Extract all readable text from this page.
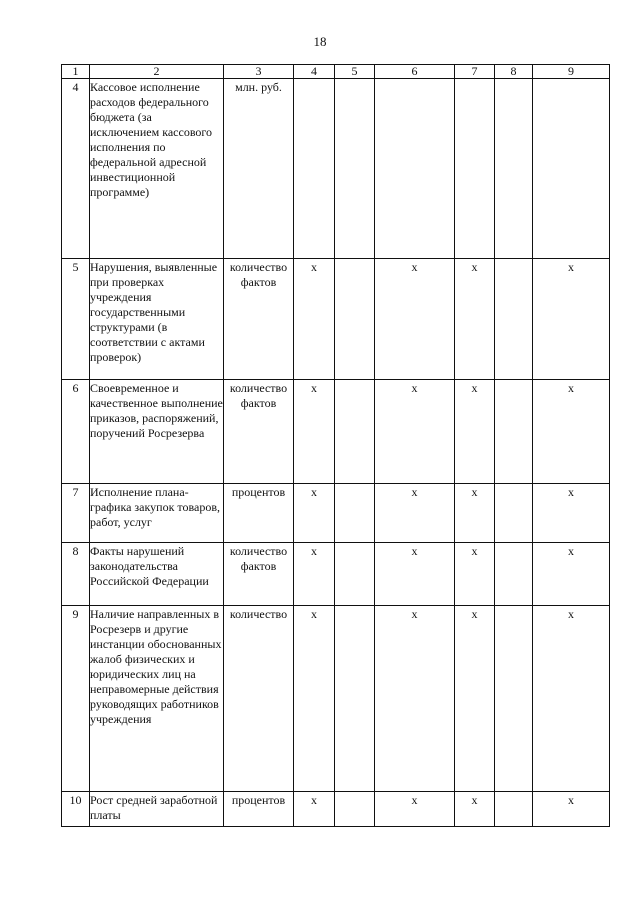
18
1	2	3	4	5	6	7	8	9

4	Кассовое исполнение расходов федерального бюджета (за исключением кассового исполнения по федеральной адресной инвестиционной программе)	млн. руб.						

5	Нарушения, выявленные при проверках учреждения государственными структурами (в соответствии с актами проверок)	количество фактов	x		x	x		x

6	Своевременное и качественное выполнение приказов, распоряжений, поручений Росрезерва	количество фактов	x		x	x		x

7	Исполнение плана-графика закупок товаров, работ, услуг	процентов	x		x	x		x

8	Факты нарушений законодательства Российской Федерации	количество фактов	x		x	x		x

9	Наличие направленных в Росрезерв и другие инстанции обоснованных жалоб физических и юридических лиц на неправомерные действия руководящих работников учреждения	количество	x		x	x		x

10	Рост средней заработной платы	процентов	x		x	x		x
